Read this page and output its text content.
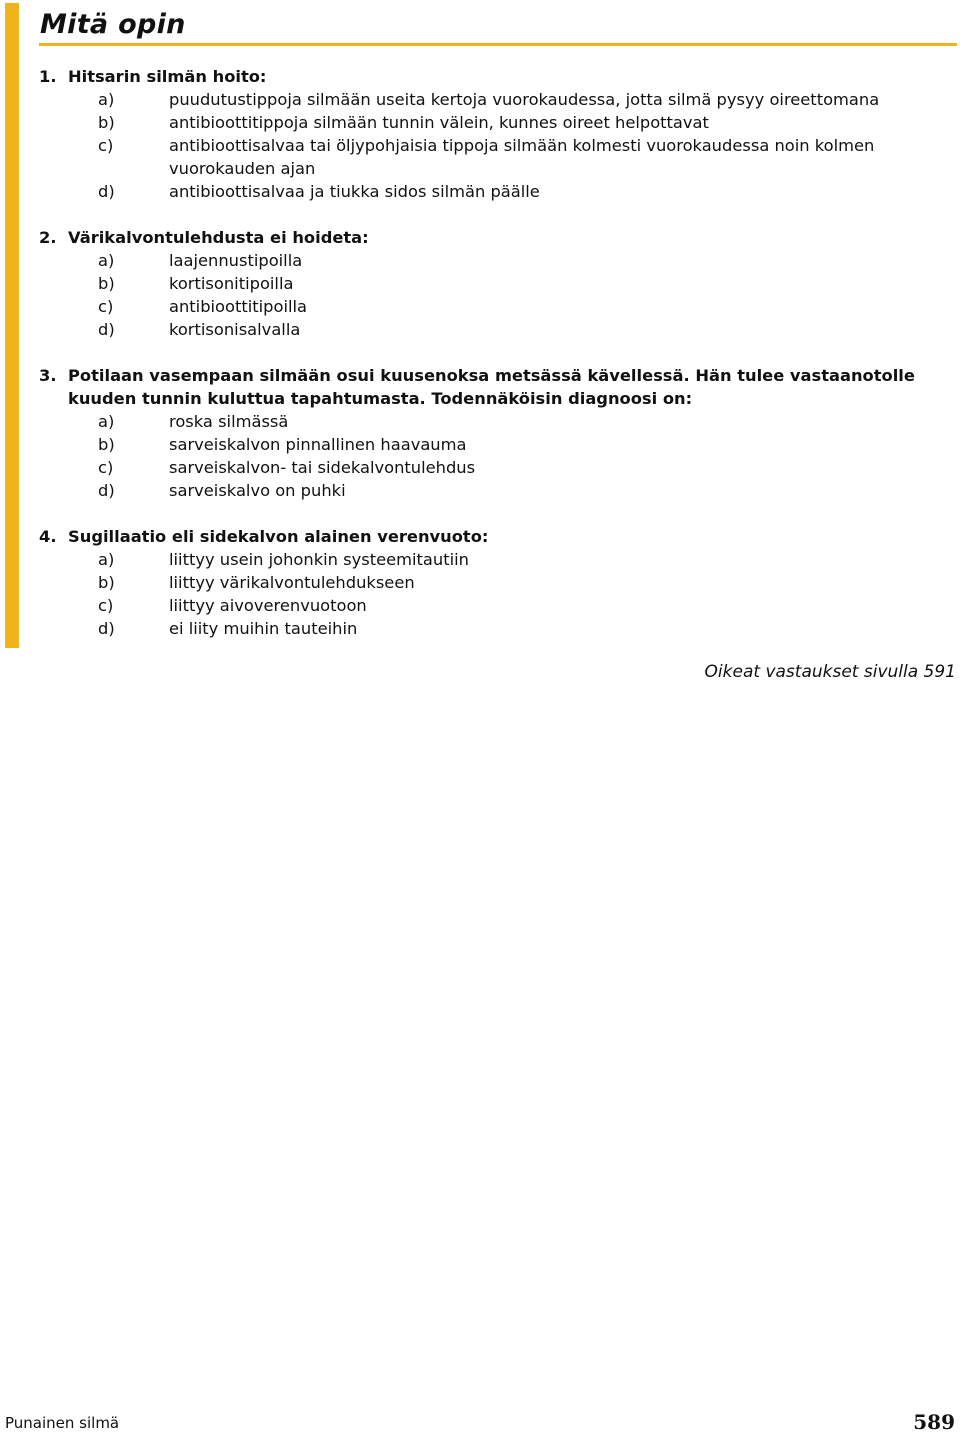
Mitä opin
1. Hitsarin silmän hoito:
a)	puudutustippoja silmään useita kertoja vuorokaudessa, jotta silmä pysyy oireettomana
b)	antibioottitippoja silmään tunnin välein, kunnes oireet helpottavat
c)	antibioottisalvaa tai öljypohjaisia tippoja silmään kolmesti vuorokaudessa noin kolmen vuorokauden ajan
d)	antibioottisalvaa ja tiukka sidos silmän päälle
2. Värikalvontulehdusta ei hoideta:
a)	laajennustipoilla
b)	kortisonitipoilla
c)	antibioottitipoilla
d)	kortisonisalvalla
3. Potilaan vasempaan silmään osui kuusenoksa metsässä kävellessä. Hän tulee vastaanotolle kuuden tunnin kuluttua tapahtumasta. Todennäköisin diagnoosi on:
a)	roska silmässä
b)	sarveiskalvon pinnallinen haavauma
c)	sarveiskalvon- tai sidekalvontulehdus
d)	sarveiskalvo on puhki
4. Sugillaatio eli sidekalvon alainen verenvuoto:
a)	liittyy usein johonkin systeemitautiin
b)	liittyy värikalvontulehdukseen
c)	liittyy aivoverenvuotoon
d)	ei liity muihin tauteihin
Oikeat vastaukset sivulla 591
Punainen silmä	589
